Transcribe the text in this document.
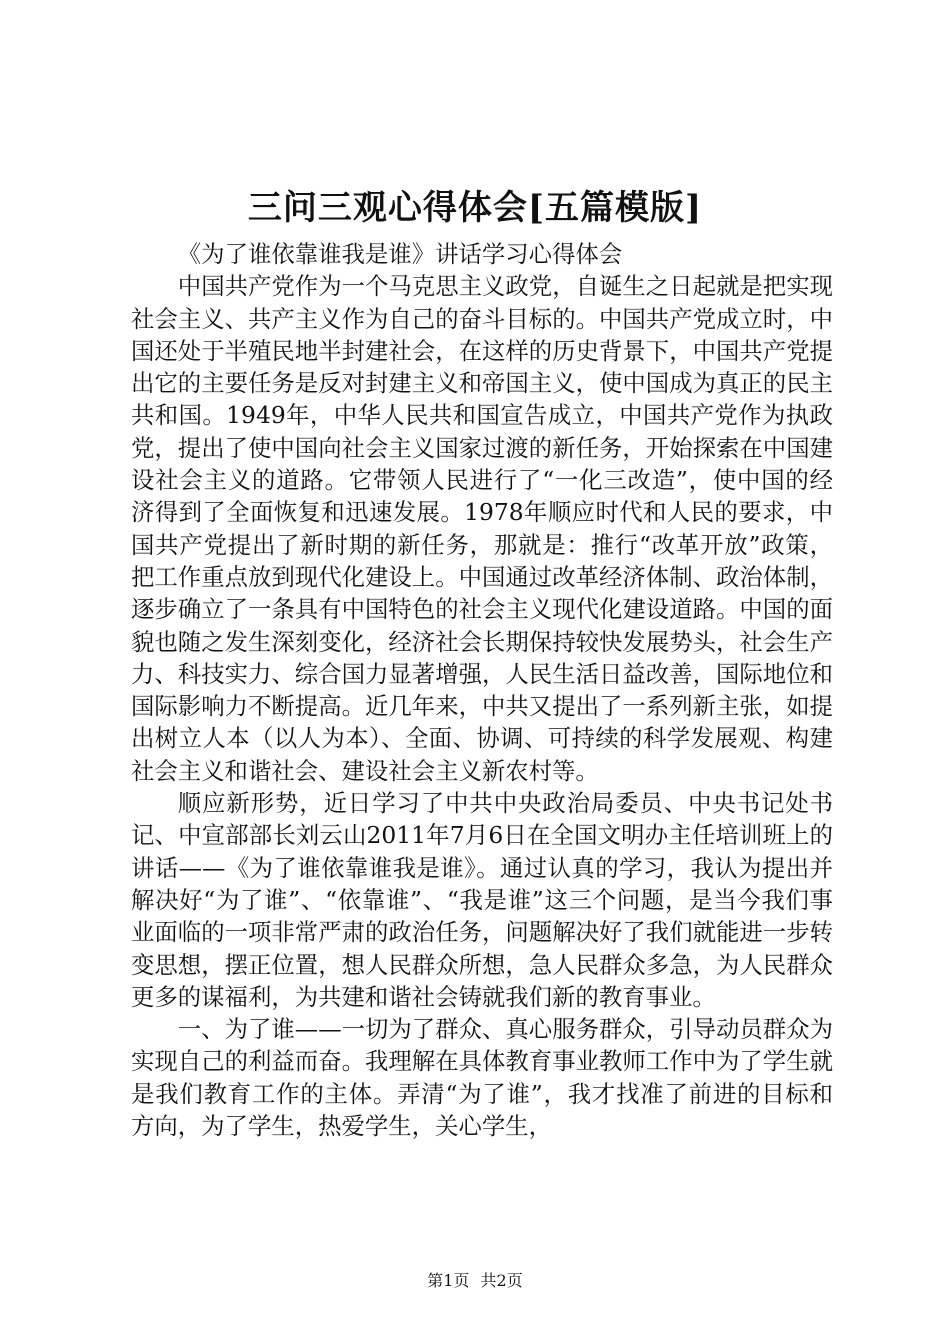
三问三观心得体会[五篇模版]

《为了谁依靠谁我是谁》讲话学习心得体会

中国共产党作为一个马克思主义政党，自诞生之日起就是把实现社会主义、共产主义作为自己的奋斗目标的。中国共产党成立时，中国还处于半殖民地半封建社会，在这样的历史背景下，中国共产党提出它的主要任务是反对封建主义和帝国主义，使中国成为真正的民主共和国。1949年，中华人民共和国宣告成立，中国共产党作为执政党，提出了使中国向社会主义国家过渡的新任务，开始探索在中国建设社会主义的道路。它带领人民进行了“一化三改造”，使中国的经济得到了全面恢复和迅速发展。1978年顺应时代和人民的要求，中国共产党提出了新时期的新任务，那就是：推行“改革开放”政策，把工作重点放到现代化建设上。中国通过改革经济体制、政治体制，逐步确立了一条具有中国特色的社会主义现代化建设道路。中国的面貌也随之发生深刻变化，经济社会长期保持较快发展势头，社会生产力、科技实力、综合国力显著增强，人民生活日益改善，国际地位和国际影响力不断提高。近几年来，中共又提出了一系列新主张，如提出树立人本（以人为本）、全面、协调、可持续的科学发展观、构建社会主义和谐社会、建设社会主义新农村等。

顺应新形势，近日学习了中共中央政治局委员、中央书记处书记、中宣部部长刘云山2011年7月6日在全国文明办主任培训班上的讲话——《为了谁依靠谁我是谁》。通过认真的学习，我认为提出并解决好“为了谁”、“依靠谁”、“我是谁”这三个问题，是当今我们事业面临的一项非常严肃的政治任务，问题解决好了我们就能进一步转变思想，摆正位置，想人民群众所想，急人民群众多急，为人民群众更多的谋福利，为共建和谐社会铸就我们新的教育事业。

一、为了谁——一切为了群众、真心服务群众，引导动员群众为实现自己的利益而奋。我理解在具体教育事业教师工作中为了学生就是我们教育工作的主体。弄清“为了谁”，我才找准了前进的目标和方向，为了学生，热爱学生，关心学生，

第1页 共2页
